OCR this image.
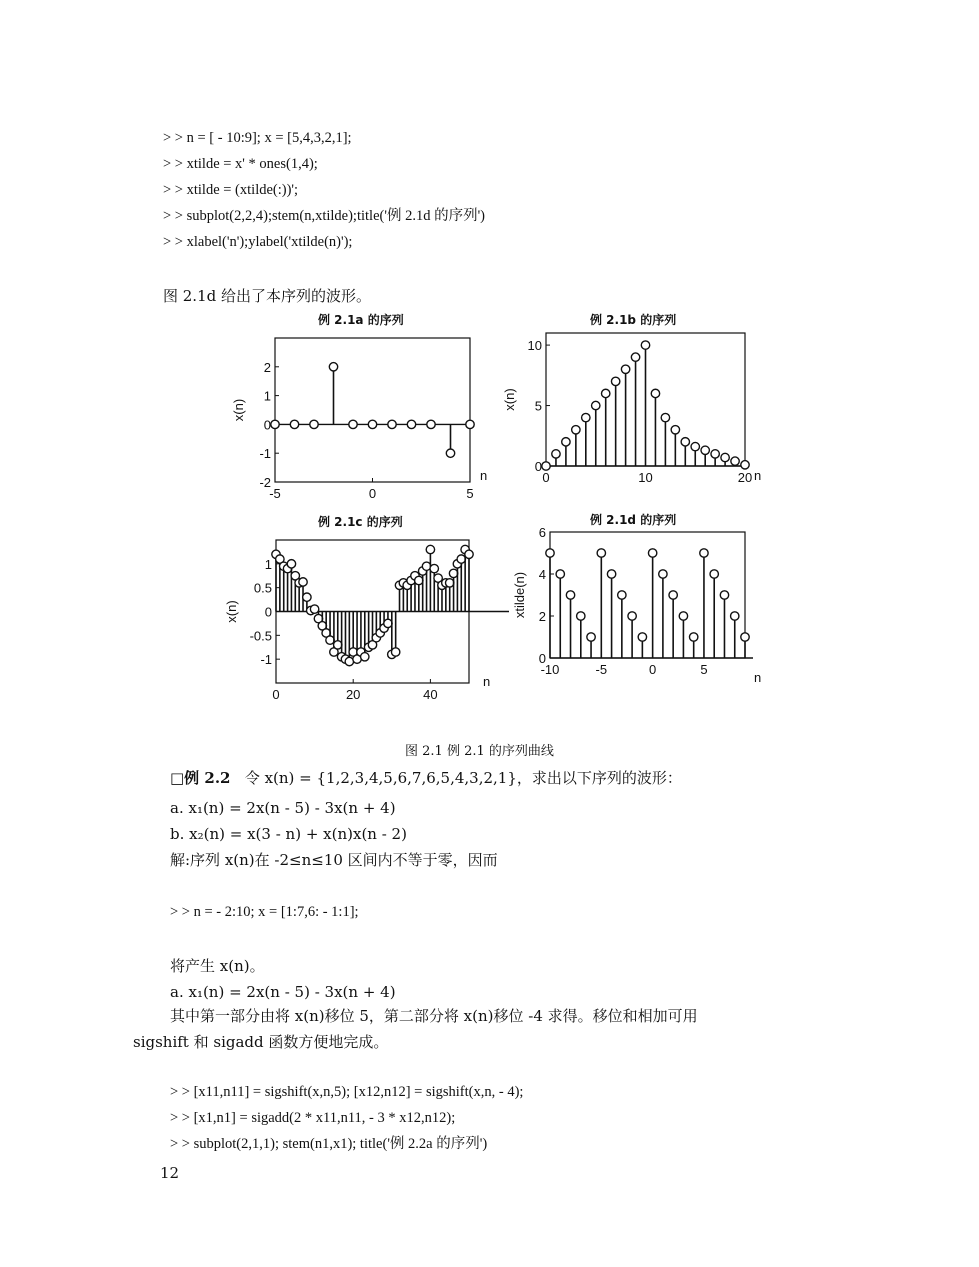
> > n = [ - 10:9]; x = [5,4,3,2,1];
> > xtilde = x' * ones(1,4);
> > xtilde = (xtilde(:))';
> > subplot(2,2,4);stem(n,xtilde);title('例 2.1d 的序列')
> > xlabel('n');ylabel('xtilde(n)');
图 2.1d 给出了本序列的波形。
例 2.1a 的序列	例 2.1b 的序列
例 2.1c 的序列	例 2.1d 的序列
2
1
0
-1
-2
-5	0	5
n
x(n)
10
5
0
0	10	20 n
x(n)
1
0.5
0
-0.5
-1
0	20	40
n
x(n)
6
4
2
0
-10	-5	0	5
n
xtilde(n)
图 2.1 例 2.1 的序列曲线
□例 2.2 令 x(n) = {1,2,3,4,5,6,7,6,5,4,3,2,1}，求出以下序列的波形：
a. x₁(n) = 2x(n - 5) - 3x(n + 4)
b. x₂(n) = x(3 - n) + x(n)x(n - 2)
解:序列 x(n)在 -2≤n≤10 区间内不等于零，因而
> > n = - 2:10; x = [1:7,6: - 1:1];
将产生 x(n)。
a. x₁(n) = 2x(n - 5) - 3x(n + 4)
其中第一部分由将 x(n)移位 5，第二部分将 x(n)移位 -4 求得。移位和相加可用
sigshift 和 sigadd 函数方便地完成。
> > [x11,n11] = sigshift(x,n,5); [x12,n12] = sigshift(x,n, - 4);
> > [x1,n1] = sigadd(2 * x11,n11, - 3 * x12,n12);
> > subplot(2,1,1); stem(n1,x1); title('例 2.2a 的序列')
12
